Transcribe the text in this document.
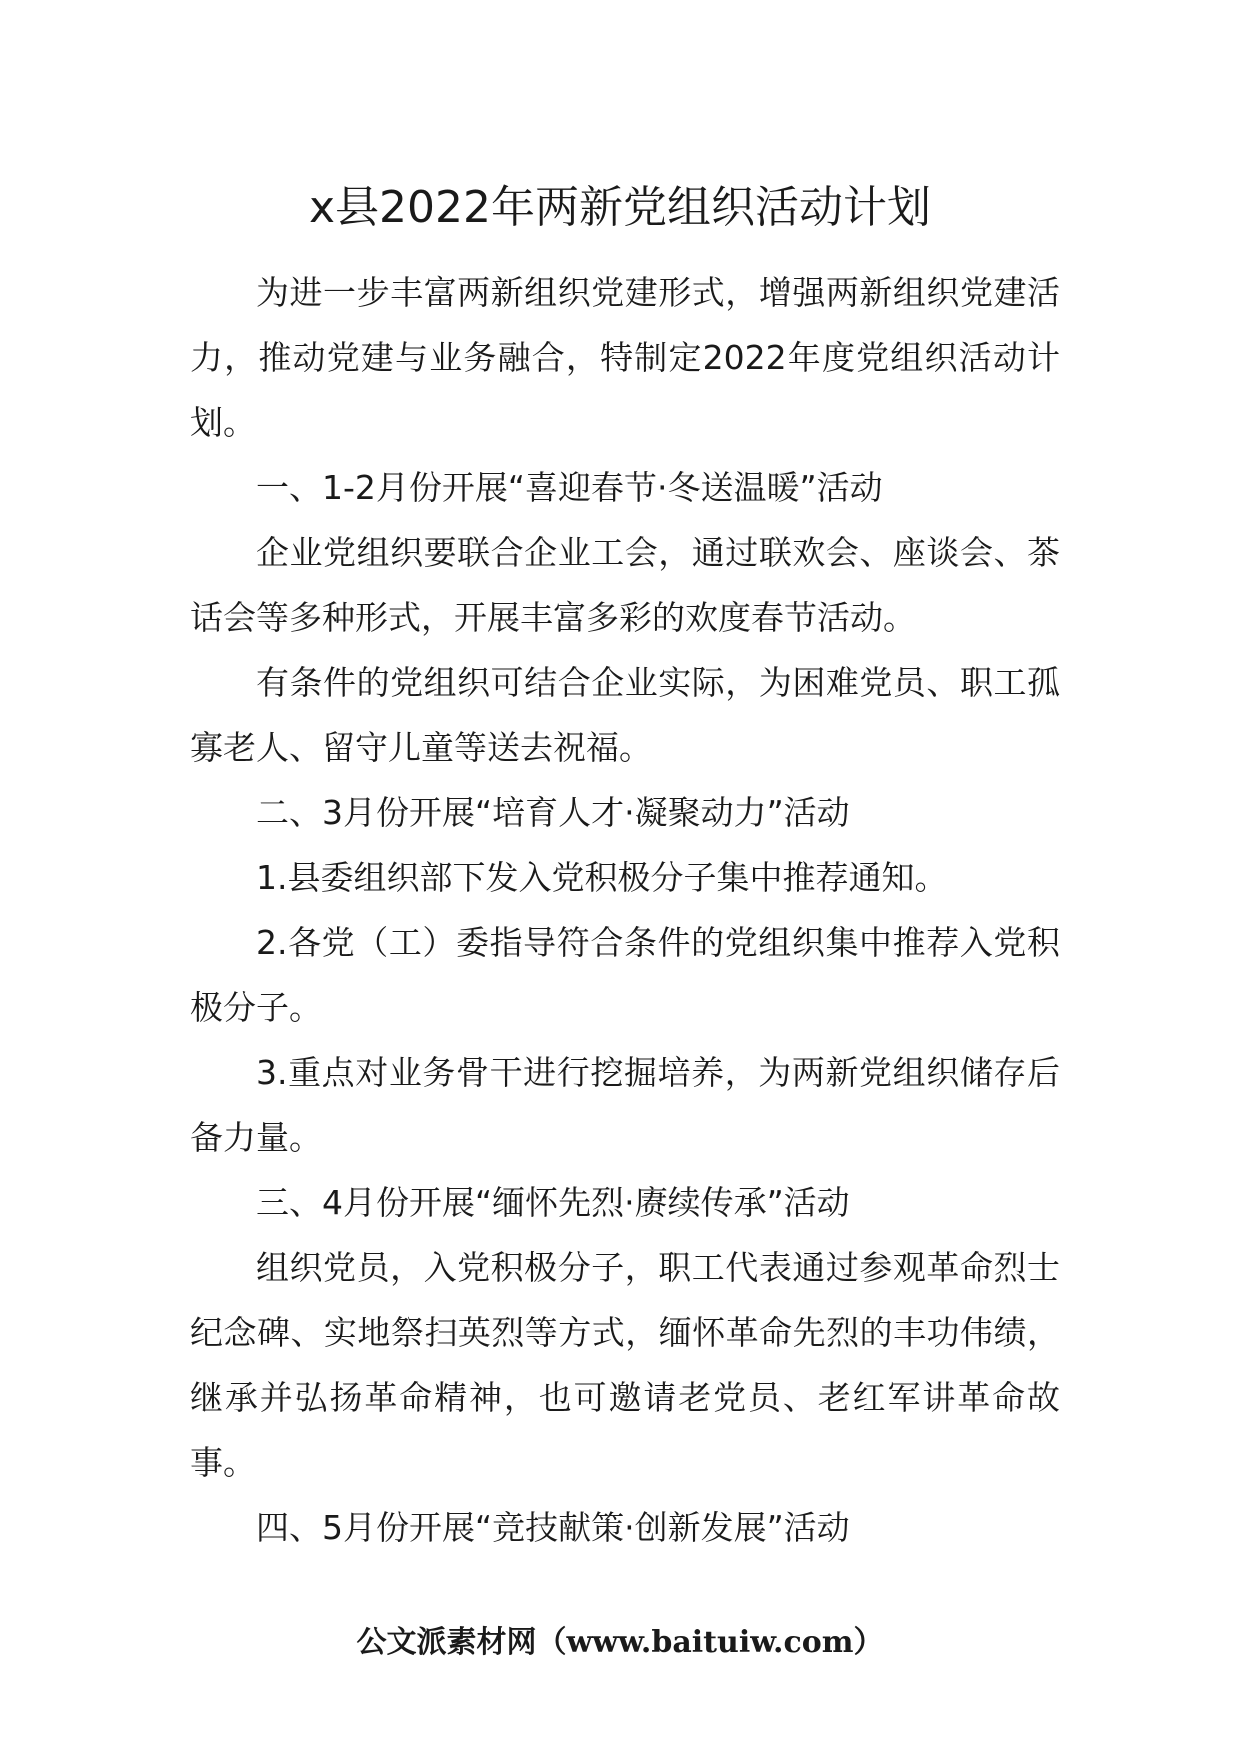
x县2022年两新党组织活动计划

为进一步丰富两新组织党建形式，增强两新组织党建活力，推动党建与业务融合，特制定2022年度党组织活动计划。

一、1-2月份开展“喜迎春节·冬送温暖”活动

企业党组织要联合企业工会，通过联欢会、座谈会、茶话会等多种形式，开展丰富多彩的欢度春节活动。

有条件的党组织可结合企业实际，为困难党员、职工孤寡老人、留守儿童等送去祝福。

二、3月份开展“培育人才·凝聚动力”活动

1.县委组织部下发入党积极分子集中推荐通知。

2.各党（工）委指导符合条件的党组织集中推荐入党积极分子。

3.重点对业务骨干进行挖掘培养，为两新党组织储存后备力量。

三、4月份开展“缅怀先烈·赓续传承”活动

组织党员，入党积极分子，职工代表通过参观革命烈士纪念碑、实地祭扫英烈等方式，缅怀革命先烈的丰功伟绩，继承并弘扬革命精神，也可邀请老党员、老红军讲革命故事。

四、5月份开展“竞技献策·创新发展”活动

公文派素材网（www.baituiw.com）
